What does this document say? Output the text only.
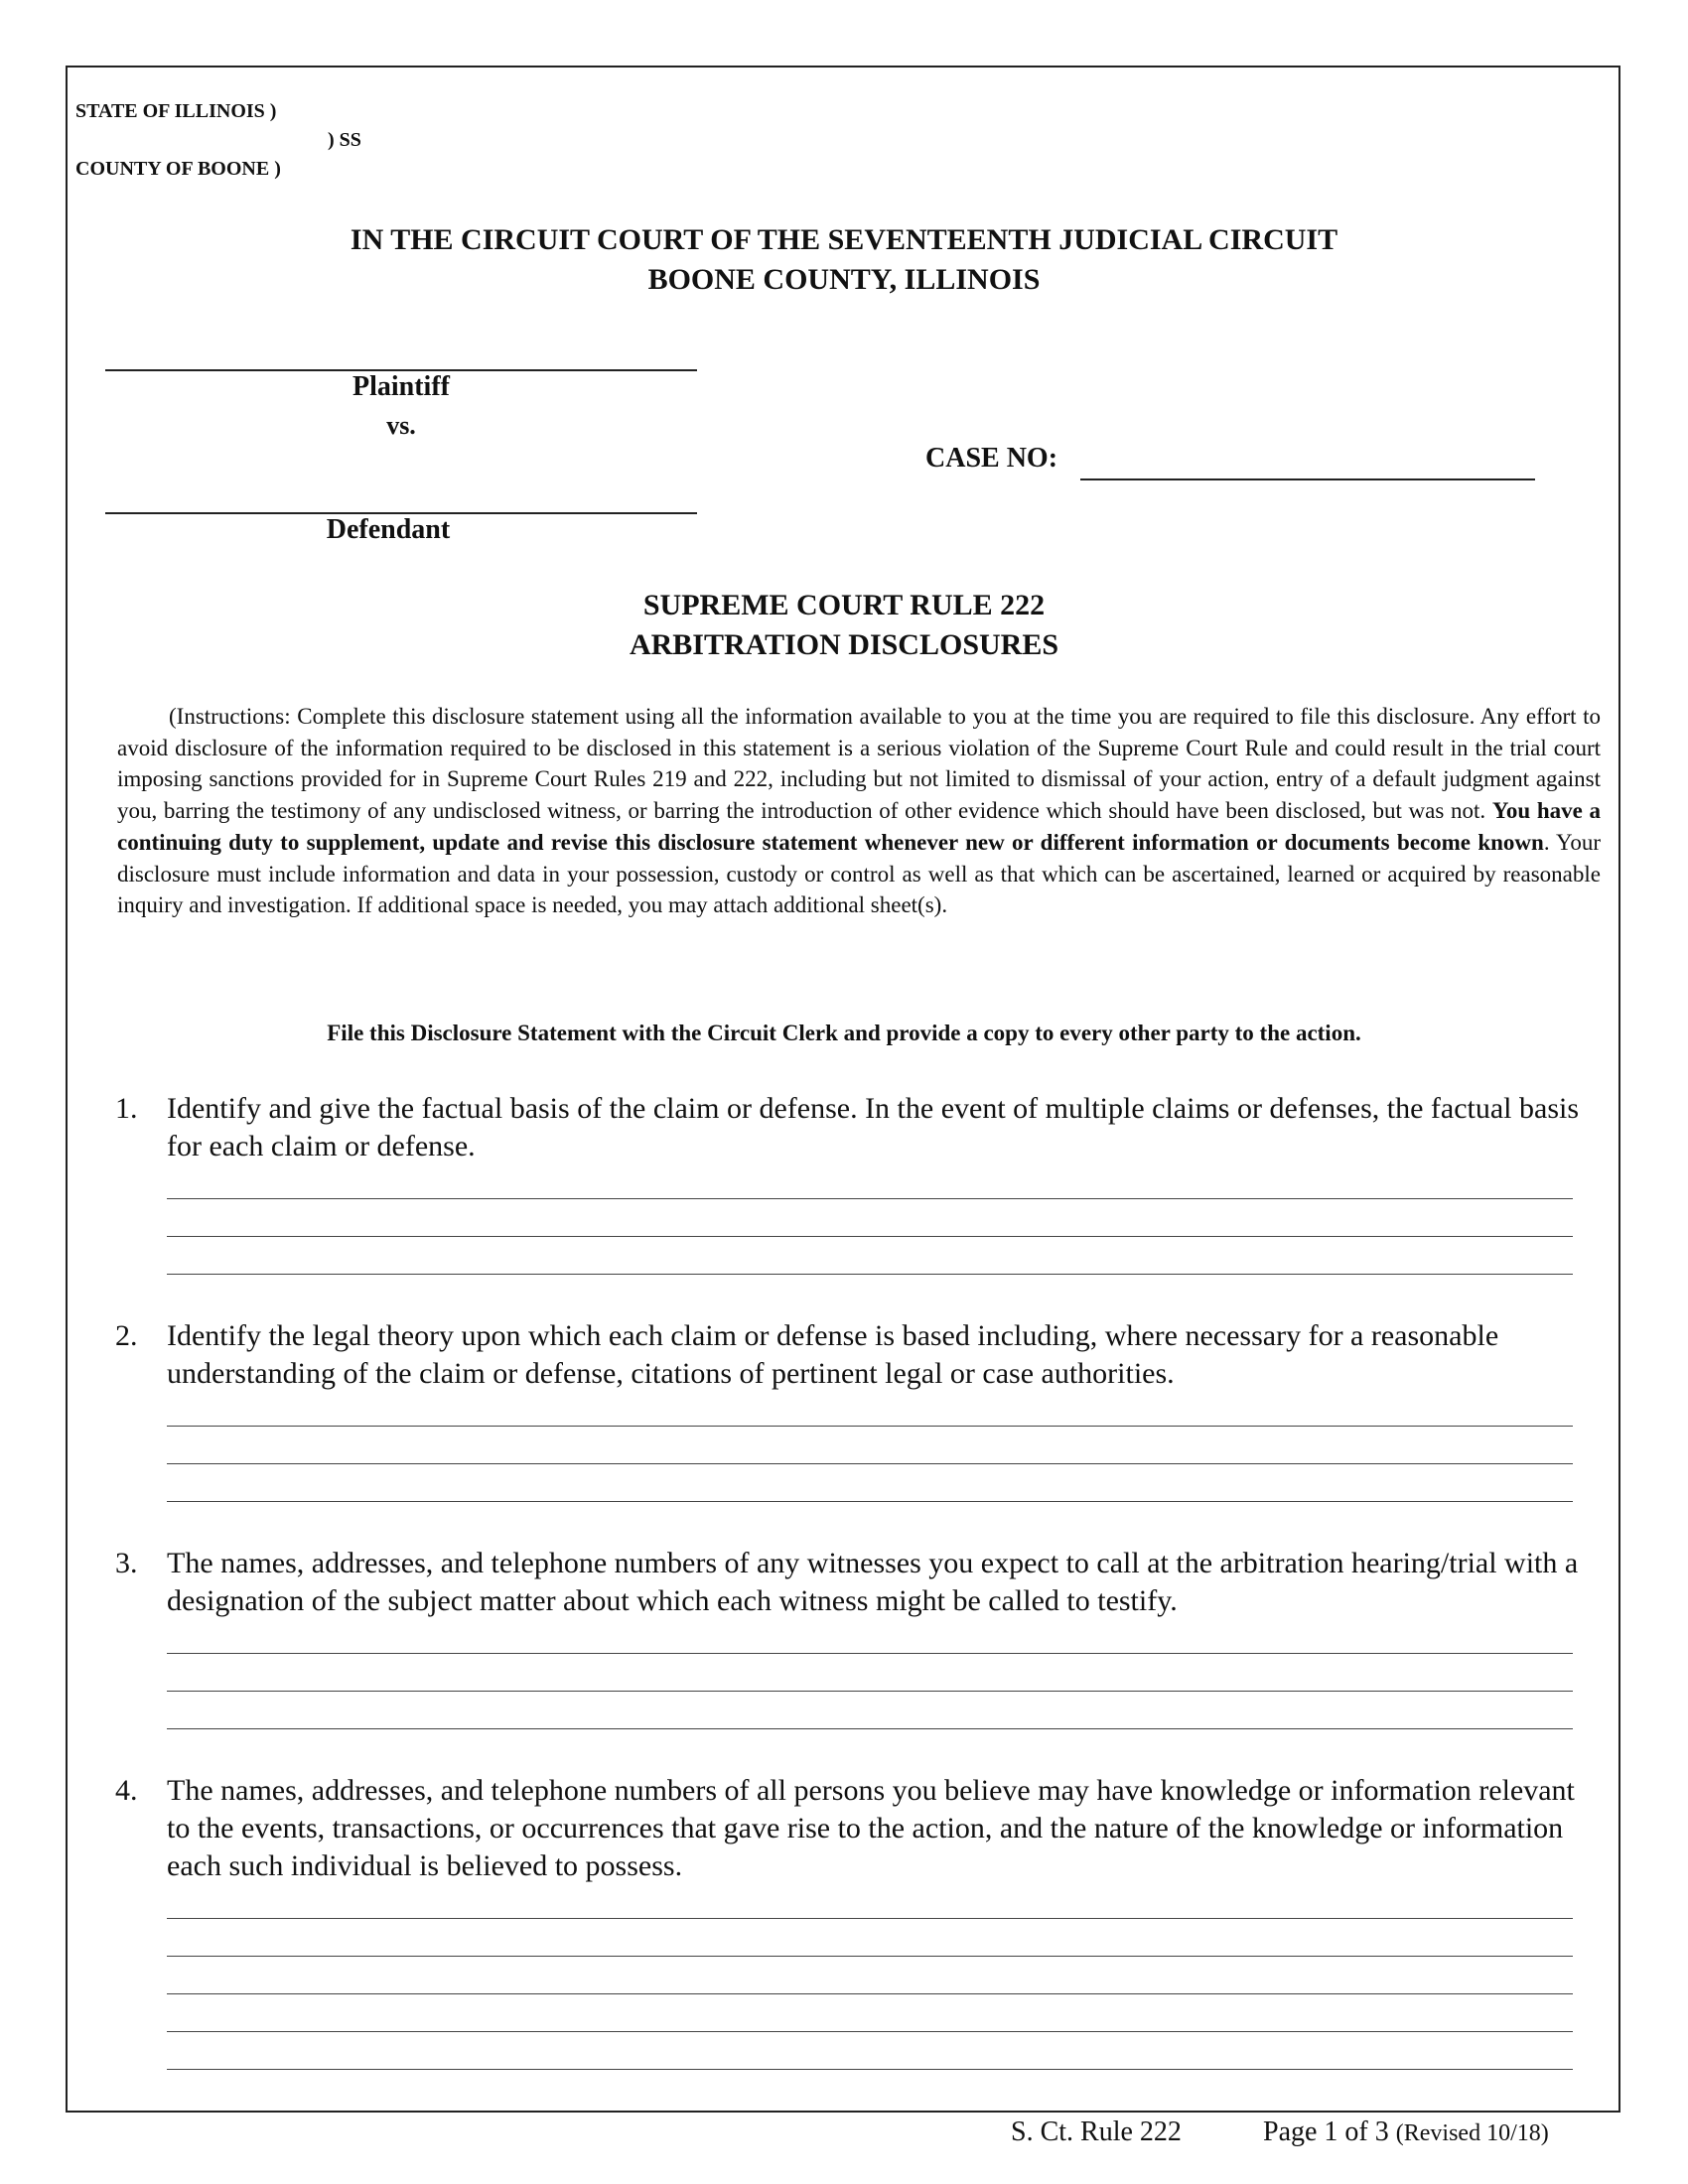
STATE OF ILLINOIS )
) SS
COUNTY OF BOONE )
IN THE CIRCUIT COURT OF THE SEVENTEENTH JUDICIAL CIRCUIT
BOONE COUNTY, ILLINOIS
Plaintiff
vs.
CASE NO:
Defendant
SUPREME COURT RULE 222
ARBITRATION DISCLOSURES

(Instructions: Complete this disclosure statement using all the information available to you at the time you are required to file this disclosure. Any effort to avoid disclosure of the information required to be disclosed in this statement is a serious violation of the Supreme Court Rule and could result in the trial court imposing sanctions provided for in Supreme Court Rules 219 and 222, including but not limited to dismissal of your action, entry of a default judgment against you, barring the testimony of any undisclosed witness, or barring the introduction of other evidence which should have been disclosed, but was not. You have a continuing duty to supplement, update and revise this disclosure statement whenever new or different information or documents become known. Your disclosure must include information and data in your possession, custody or control as well as that which can be ascertained, learned or acquired by reasonable inquiry and investigation. If additional space is needed, you may attach additional sheet(s).

File this Disclosure Statement with the Circuit Clerk and provide a copy to every other party to the action.
1. Identify and give the factual basis of the claim or defense. In the event of multiple claims or defenses, the factual basis for each claim or defense.
2. Identify the legal theory upon which each claim or defense is based including, where necessary for a reasonable understanding of the claim or defense, citations of pertinent legal or case authorities.
3. The names, addresses, and telephone numbers of any witnesses you expect to call at the arbitration hearing/trial with a designation of the subject matter about which each witness might be called to testify.
4. The names, addresses, and telephone numbers of all persons you believe may have knowledge or information relevant to the events, transactions, or occurrences that gave rise to the action, and the nature of the knowledge or information each such individual is believed to possess.
S. Ct. Rule 222	Page 1 of 3 (Revised 10/18)
